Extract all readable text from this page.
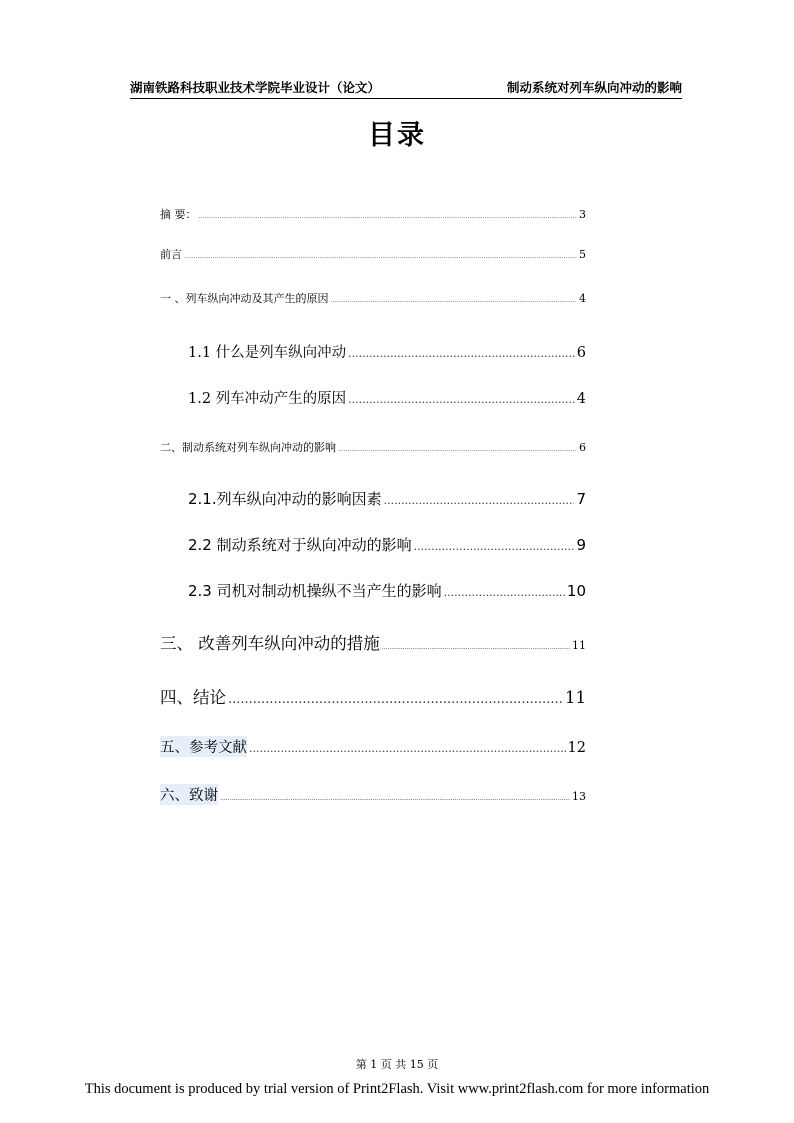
湖南铁路科技职业技术学院毕业设计（论文）	制动系统对列车纵向冲动的影响
目录
摘 要： .....	3
前言 .....	5
一 、列车纵向冲动及其产生的原因 .....	4
1.1 什么是列车纵向冲动 .....	6
1.2 列车冲动产生的原因 .....	4
二、制动系统对列车纵向冲动的影响 .....	6
2.1.列车纵向冲动的影响因素 .....	7
2.2 制动系统对于纵向冲动的影响 .....	9
2.3 司机对制动机操纵不当产生的影响 .....	10
三、 改善列车纵向冲动的措施 .....	11
四、结论 .....	11
五、参考文献 .....	12
六、致谢 .....	13
第 1 页 共 15 页
This document is produced by trial version of Print2Flash. Visit www.print2flash.com for more information
